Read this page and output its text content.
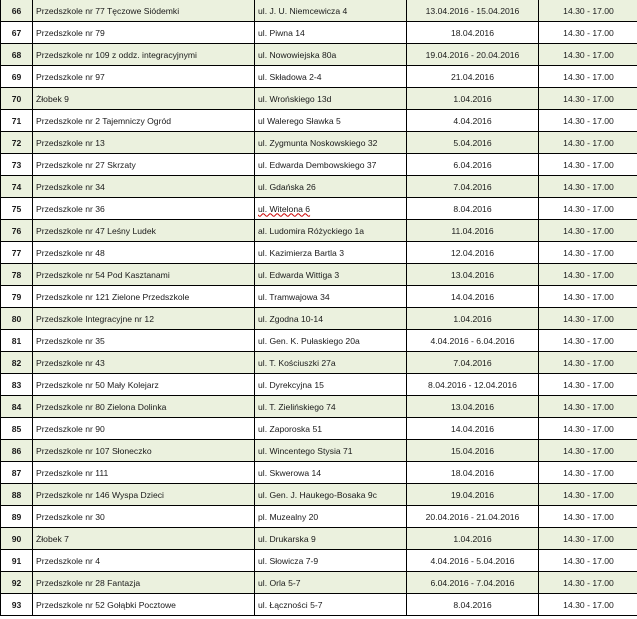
66	Przedszkole nr 77 Tęczowe Siódemki	ul. J. U. Niemcewicza 4	13.04.2016 - 15.04.2016	14.30 - 17.00
67	Przedszkole nr 79	ul. Piwna 14	18.04.2016	14.30 - 17.00
68	Przedszkole nr 109 z oddz. integracyjnymi	ul. Nowowiejska 80a	19.04.2016 - 20.04.2016	14.30 - 17.00
69	Przedszkole nr 97	ul. Składowa 2-4	21.04.2016	14.30 - 17.00
70	Żłobek 9	ul. Wrońskiego 13d	1.04.2016	14.30 - 17.00
71	Przedszkole nr 2 Tajemniczy Ogród	ul Walerego Sławka 5	4.04.2016	14.30 - 17.00
72	Przedszkole nr 13	ul. Zygmunta Noskowskiego 32	5.04.2016	14.30 - 17.00
73	Przedszkole nr 27 Skrzaty	ul. Edwarda Dembowskiego 37	6.04.2016	14.30 - 17.00
74	Przedszkole nr 34	ul. Gdańska 26	7.04.2016	14.30 - 17.00
75	Przedszkole nr 36	ul. Witelona 6	8.04.2016	14.30 - 17.00
76	Przedszkole nr 47 Leśny Ludek	al. Ludomira Różyckiego 1a	11.04.2016	14.30 - 17.00
77	Przedszkole nr 48	ul. Kazimierza Bartla 3	12.04.2016	14.30 - 17.00
78	Przedszkole nr 54 Pod Kasztanami	ul. Edwarda Wittiga 3	13.04.2016	14.30 - 17.00
79	Przedszkole nr 121 Zielone Przedszkole	ul. Tramwajowa 34	14.04.2016	14.30 - 17.00
80	Przedszkole Integracyjne nr 12	ul. Zgodna 10-14	1.04.2016	14.30 - 17.00
81	Przedszkole nr 35	ul. Gen. K. Pułaskiego 20a	4.04.2016 - 6.04.2016	14.30 - 17.00
82	Przedszkole nr 43	ul. T. Kościuszki 27a	7.04.2016	14.30 - 17.00
83	Przedszkole nr 50 Mały Kolejarz	ul. Dyrekcyjna 15	8.04.2016 - 12.04.2016	14.30 - 17.00
84	Przedszkole nr 80 Zielona Dolinka	ul. T. Zielińskiego 74	13.04.2016	14.30 - 17.00
85	Przedszkole nr 90	ul. Zaporoska 51	14.04.2016	14.30 - 17.00
86	Przedszkole nr 107 Słoneczko	ul. Wincentego Stysia 71	15.04.2016	14.30 - 17.00
87	Przedszkole nr 111	ul. Skwerowa 14	18.04.2016	14.30 - 17.00
88	Przedszkole nr 146 Wyspa Dzieci	ul. Gen. J. Haukego-Bosaka 9c	19.04.2016	14.30 - 17.00
89	Przedszkole nr 30	pl. Muzealny 20	20.04.2016 - 21.04.2016	14.30 - 17.00
90	Żłobek 7	ul. Drukarska 9	1.04.2016	14.30 - 17.00
91	Przedszkole nr 4	ul. Słowicza 7-9	4.04.2016 - 5.04.2016	14.30 - 17.00
92	Przedszkole nr 28 Fantazja	ul. Orla 5-7	6.04.2016 - 7.04.2016	14.30 - 17.00
93	Przedszkole nr 52 Gołąbki Pocztowe	ul. Łączności 5-7	8.04.2016	14.30 - 17.00
